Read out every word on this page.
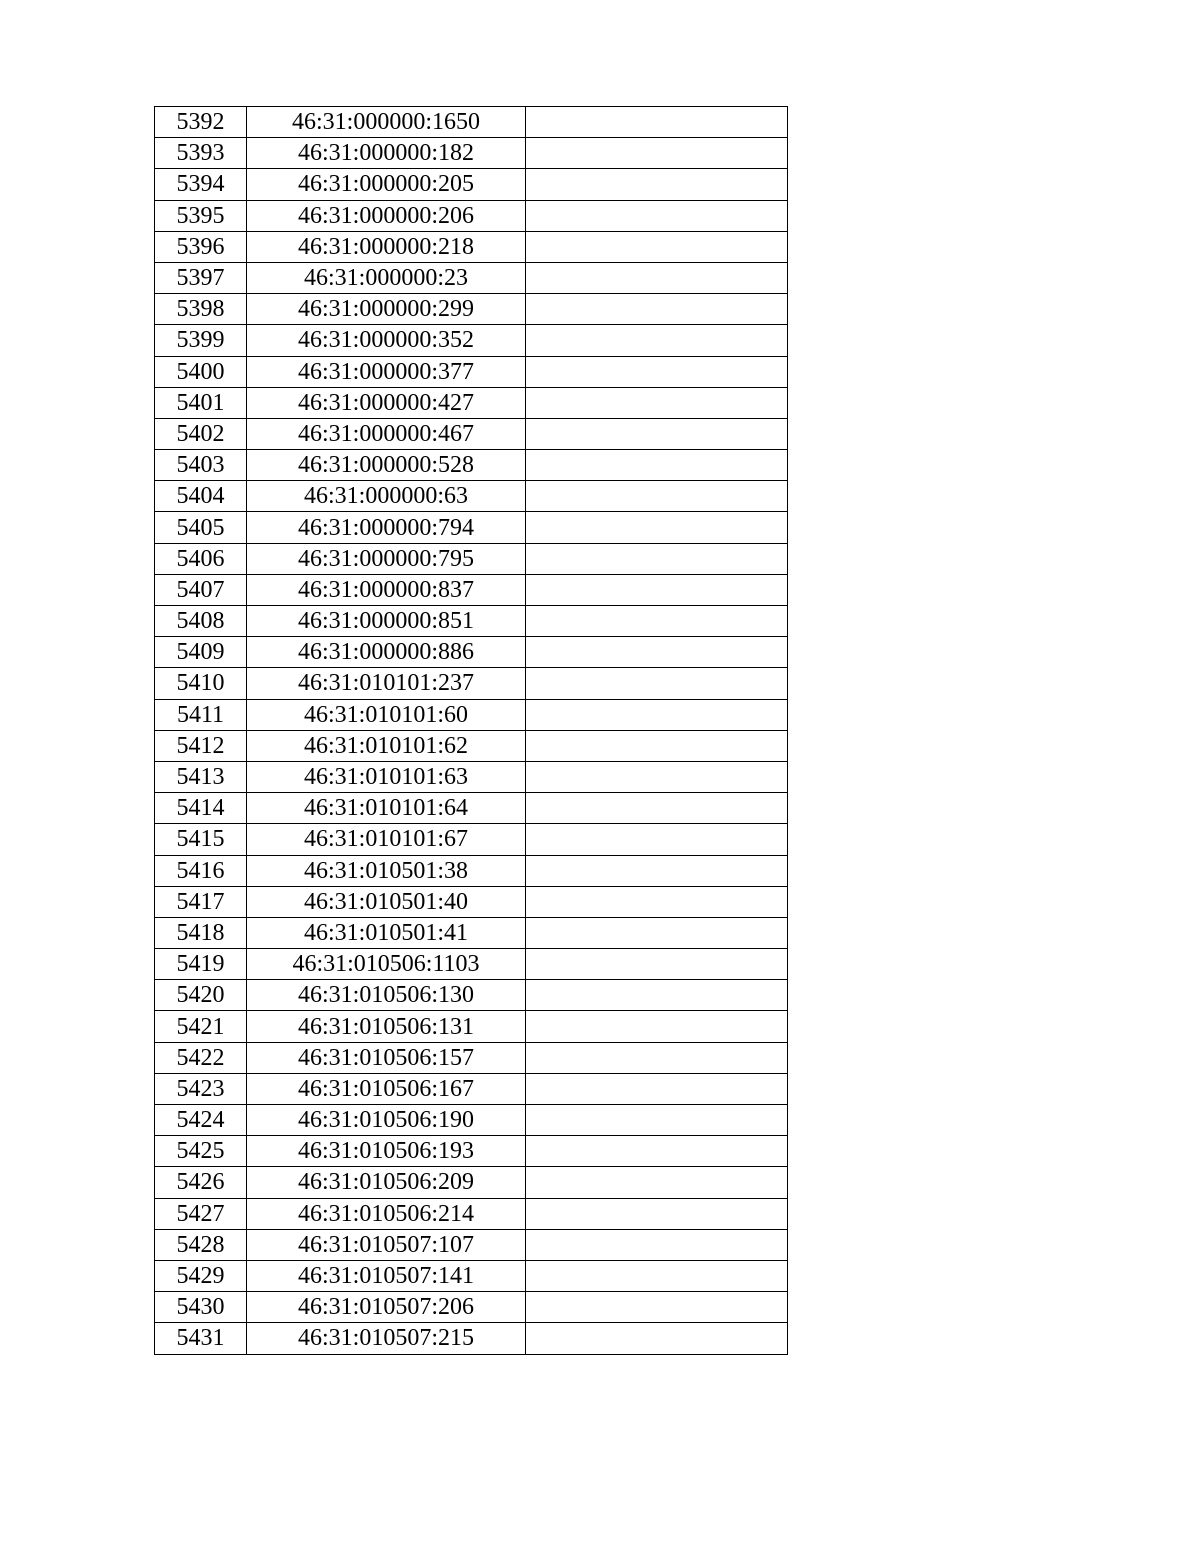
5392	46:31:000000:1650	
5393	46:31:000000:182	
5394	46:31:000000:205	
5395	46:31:000000:206	
5396	46:31:000000:218	
5397	46:31:000000:23	
5398	46:31:000000:299	
5399	46:31:000000:352	
5400	46:31:000000:377	
5401	46:31:000000:427	
5402	46:31:000000:467	
5403	46:31:000000:528	
5404	46:31:000000:63	
5405	46:31:000000:794	
5406	46:31:000000:795	
5407	46:31:000000:837	
5408	46:31:000000:851	
5409	46:31:000000:886	
5410	46:31:010101:237	
5411	46:31:010101:60	
5412	46:31:010101:62	
5413	46:31:010101:63	
5414	46:31:010101:64	
5415	46:31:010101:67	
5416	46:31:010501:38	
5417	46:31:010501:40	
5418	46:31:010501:41	
5419	46:31:010506:1103	
5420	46:31:010506:130	
5421	46:31:010506:131	
5422	46:31:010506:157	
5423	46:31:010506:167	
5424	46:31:010506:190	
5425	46:31:010506:193	
5426	46:31:010506:209	
5427	46:31:010506:214	
5428	46:31:010507:107	
5429	46:31:010507:141	
5430	46:31:010507:206	
5431	46:31:010507:215	
